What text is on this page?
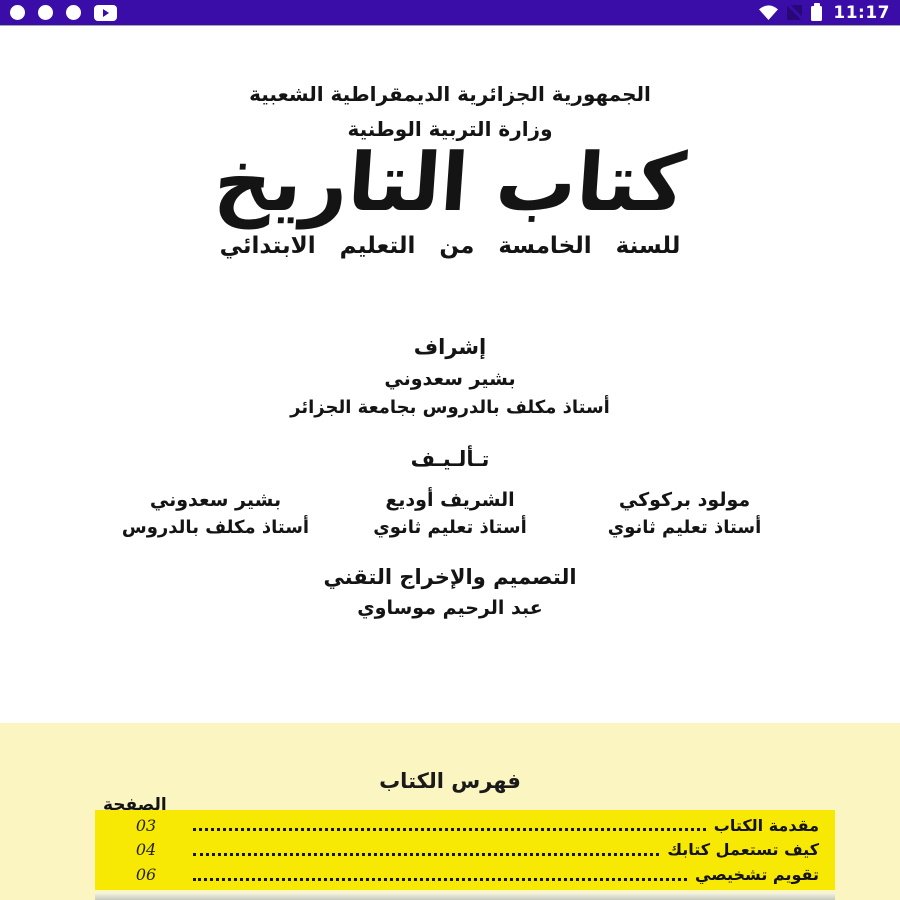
11:17
الجمهورية الجزائرية الديمقراطية الشعبية
وزارة التربية الوطنية
كتاب التاريخ
للسنة الخامسة من التعليم الابتدائي
إشراف
بشير سعدوني
أستاذ مكلف بالدروس بجامعة الجزائر
تـألـيـف
مولود بركوكي
أستاذ تعليم ثانوي
الشريف أوديع
أستاذ تعليم ثانوي
بشير سعدوني
أستاذ مكلف بالدروس
التصميم والإخراج التقني
عبد الرحيم موساوي
فهرس الكتاب
الصفحة
مقدمة الكتاب
03
كيف تستعمل كتابك
04
تقويم تشخيصي
06
